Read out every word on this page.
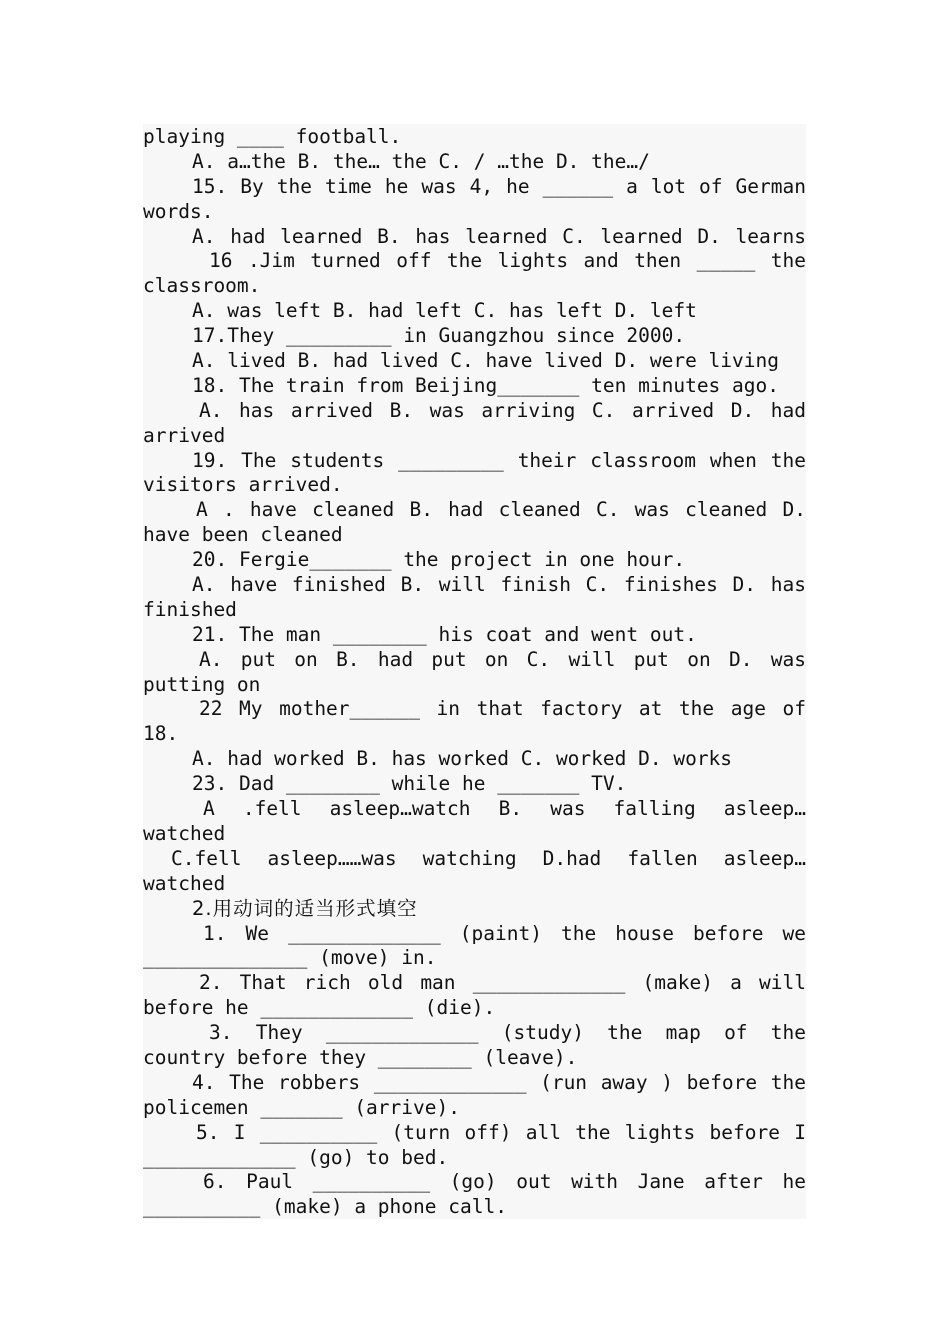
playing ____ football.
A. a…the B. the… the C. / …the D. the…/
15. By the time he was 4, he ______ a lot of German
words.
A. had learned B. has learned C. learned D. learns
16 .Jim turned off the lights and then _____ the
classroom.
A. was left B. had left C. has left D. left
17.They _________ in Guangzhou since 2000.
A. lived B. had lived C. have lived D. were living
18. The train from Beijing_______ ten minutes ago.
A. has arrived B. was arriving C. arrived D. had
arrived
19. The students _________ their classroom when the
visitors arrived.
A . have cleaned B. had cleaned C. was cleaned D.
have been cleaned
20. Fergie_______ the project in one hour.
A. have finished B. will finish C. finishes D. has
finished
21. The man ________ his coat and went out.
A. put on B. had put on C. will put on D. was
putting on
22 My mother______ in that factory at the age of
18.
A. had worked B. has worked C. worked D. works
23. Dad ________ while he _______ TV.
A .fell asleep…watch B. was falling asleep…
watched
C.fell asleep……was watching D.had fallen asleep…
watched
2.用动词的适当形式填空
1. We _____________ (paint) the house before we
______________ (move) in.
2. That rich old man _____________ (make) a will
before he _____________ (die).
3. They _____________ (study) the map of the
country before they ________ (leave).
4. The robbers _____________ (run away ) before the
policemen _______ (arrive).
5. I __________ (turn off) all the lights before I
_____________ (go) to bed.
6. Paul __________ (go) out with Jane after he
__________ (make) a phone call.
